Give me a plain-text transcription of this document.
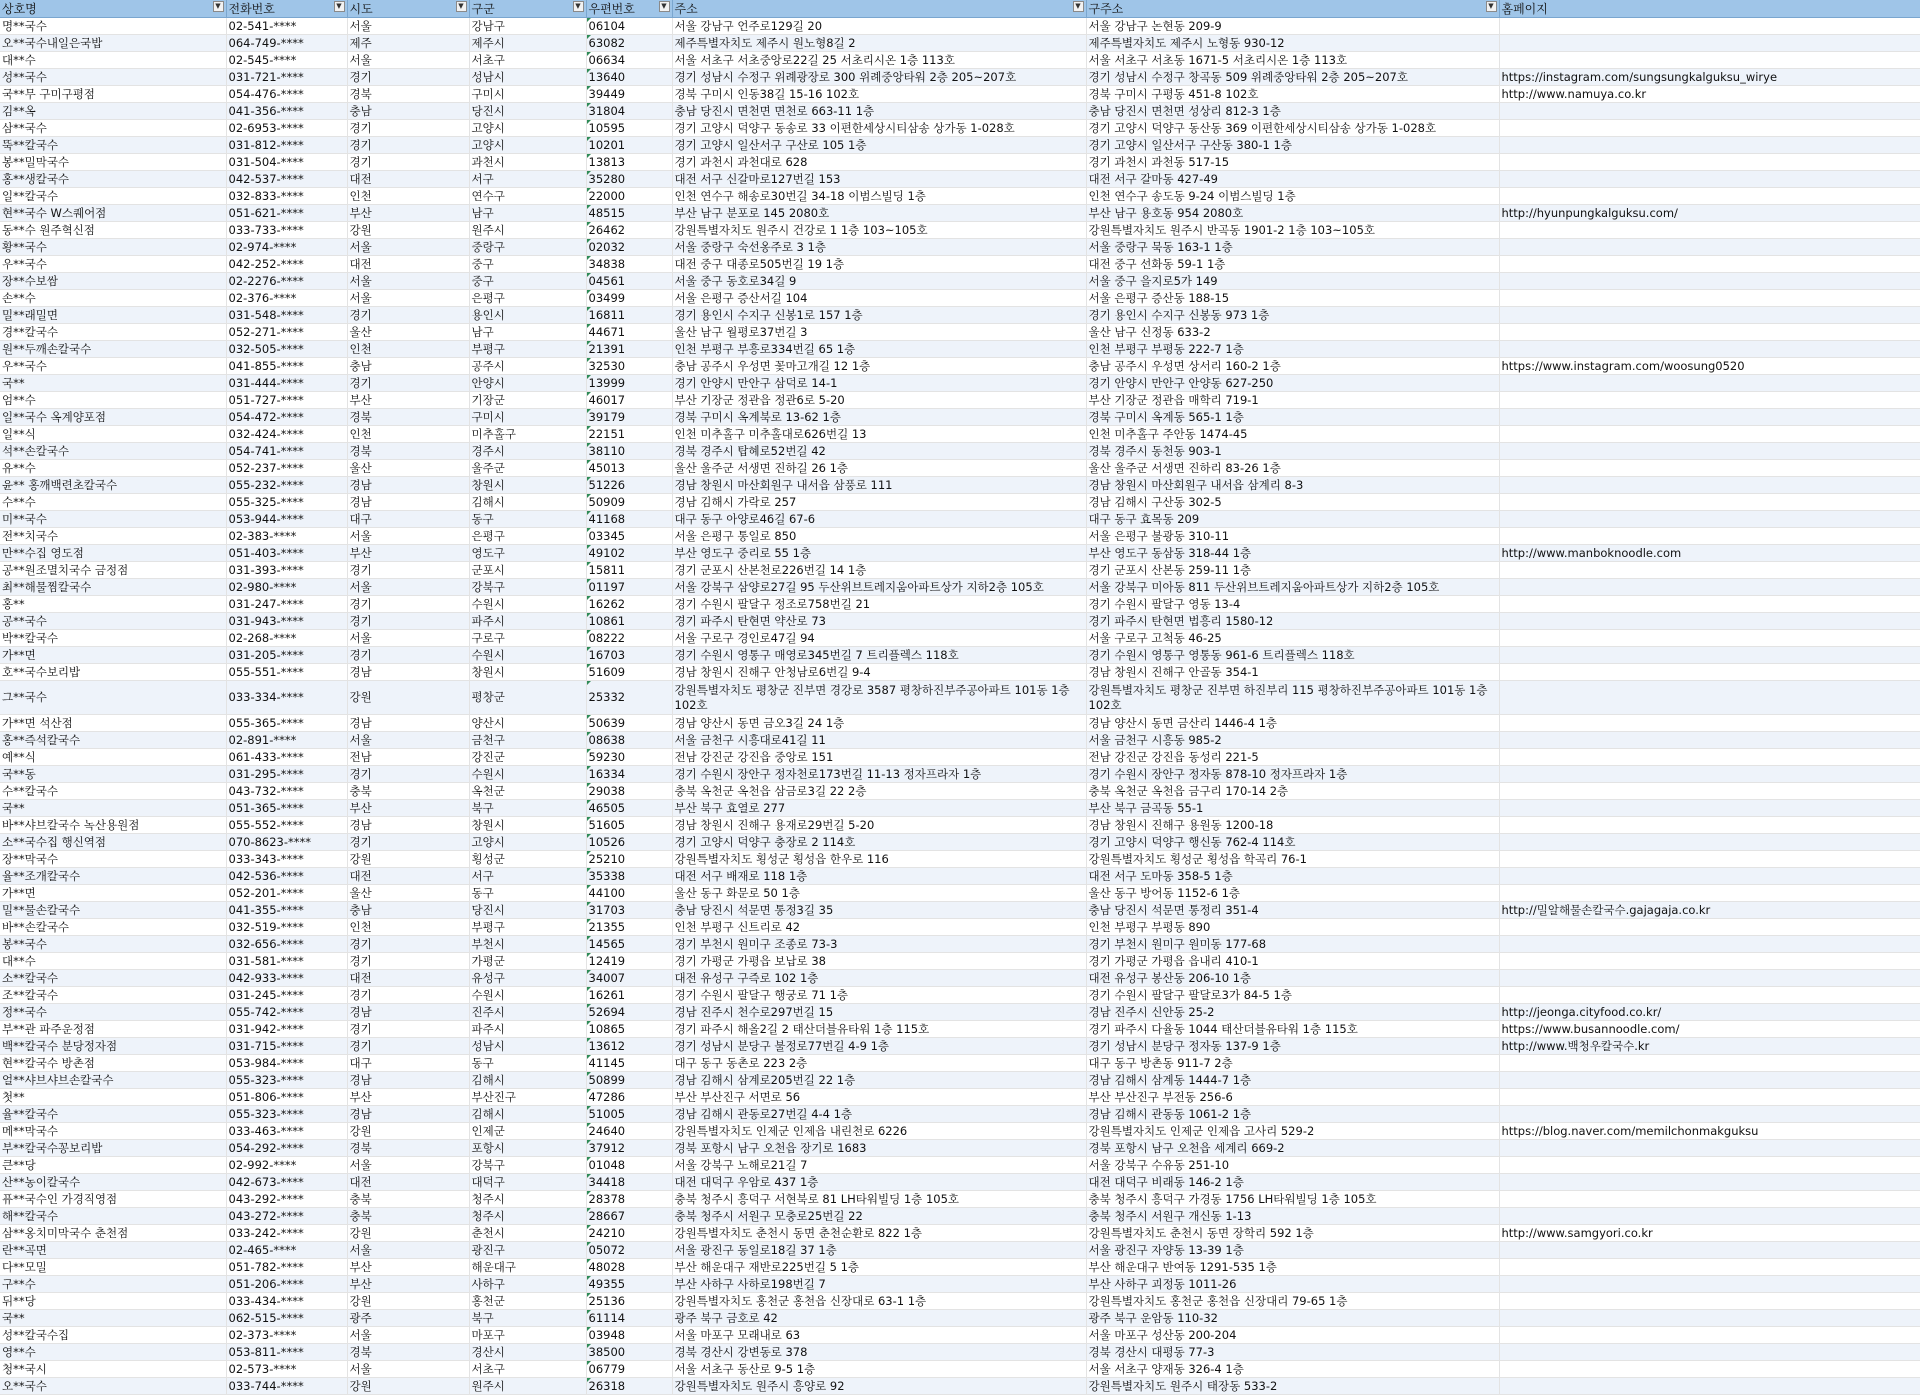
상호명 ▼	전화번호 ▼	시도 ▼	구군 ▼	우편번호 ▼	주소 ▼	구주소 ▼	홈페이지
명**국수	02-541-****	서울	강남구	06104	서울 강남구 언주로129길 20	서울 강남구 논현동 209-9	
오**국수내일은국밥	064-749-****	제주	제주시	63082	제주특별자치도 제주시 원노형8길 2	제주특별자치도 제주시 노형동 930-12	
대**수	02-545-****	서울	서초구	06634	서울 서초구 서초중앙로22길 25 서초리시온 1층 113호	서울 서초구 서초동 1671-5 서초리시온 1층 113호	
성**국수	031-721-****	경기	성남시	13640	경기 성남시 수정구 위례광장로 300 위례중앙타워 2층 205~207호	경기 성남시 수정구 창곡동 509 위례중앙타워 2층 205~207호	https://instagram.com/sungsungkalguksu_wirye
국**무 구미구평점	054-476-****	경북	구미시	39449	경북 구미시 인동38길 15-16 102호	경북 구미시 구평동 451-8 102호	http://www.namuya.co.kr
김**옥	041-356-****	충남	당진시	31804	충남 당진시 면천면 면천로 663-11 1층	충남 당진시 면천면 성상리 812-3 1층	
삼**국수	02-6953-****	경기	고양시	10595	경기 고양시 덕양구 동송로 33 이편한세상시티삼송 상가동 1-028호	경기 고양시 덕양구 동산동 369 이편한세상시티삼송 상가동 1-028호	
뚝**칼국수	031-812-****	경기	고양시	10201	경기 고양시 일산서구 구산로 105 1층	경기 고양시 일산서구 구산동 380-1 1층	
봉**밀막국수	031-504-****	경기	과천시	13813	경기 과천시 과천대로 628	경기 과천시 과천동 517-15	
홍**생칼국수	042-537-****	대전	서구	35280	대전 서구 신갈마로127번길 153	대전 서구 갈마동 427-49	
일**칼국수	032-833-****	인천	연수구	22000	인천 연수구 해송로30번길 34-18 이범스빌딩 1층	인천 연수구 송도동 9-24 이범스빌딩 1층	
현**국수 W스퀘어점	051-621-****	부산	남구	48515	부산 남구 분포로 145 2080호	부산 남구 용호동 954 2080호	http://hyunpungkalguksu.com/
동**수 원주혁신점	033-733-****	강원	원주시	26462	강원특별자치도 원주시 건강로 1 1층 103~105호	강원특별자치도 원주시 반곡동 1901-2 1층 103~105호	
황**국수	02-974-****	서울	중랑구	02032	서울 중랑구 숙선옹주로 3 1층	서울 중랑구 묵동 163-1 1층	
우**국수	042-252-****	대전	중구	34838	대전 중구 대종로505번길 19 1층	대전 중구 선화동 59-1 1층	
장**수보쌈	02-2276-****	서울	중구	04561	서울 중구 동호로34길 9	서울 중구 을지로5가 149	
손**수	02-376-****	서울	은평구	03499	서울 은평구 증산서길 104	서울 은평구 증산동 188-15	
밀**래밀면	031-548-****	경기	용인시	16811	경기 용인시 수지구 신봉1로 157 1층	경기 용인시 수지구 신봉동 973 1층	
경**칼국수	052-271-****	울산	남구	44671	울산 남구 월평로37번길 3	울산 남구 신정동 633-2	
원**두깨손칼국수	032-505-****	인천	부평구	21391	인천 부평구 부흥로334번길 65 1층	인천 부평구 부평동 222-7 1층	
우**국수	041-855-****	충남	공주시	32530	충남 공주시 우성면 꽃마고개길 12 1층	충남 공주시 우성면 상서리 160-2 1층	https://www.instagram.com/woosung0520
국**	031-444-****	경기	안양시	13999	경기 안양시 만안구 삼덕로 14-1	경기 안양시 만안구 안양동 627-250	
엄**수	051-727-****	부산	기장군	46017	부산 기장군 정관읍 정관6로 5-20	부산 기장군 정관읍 매학리 719-1	
일**국수 옥계양포점	054-472-****	경북	구미시	39179	경북 구미시 옥계북로 13-62 1층	경북 구미시 옥계동 565-1 1층	
일**식	032-424-****	인천	미추홀구	22151	인천 미추홀구 미추홀대로626번길 13	인천 미추홀구 주안동 1474-45	
석**손칼국수	054-741-****	경북	경주시	38110	경북 경주시 탑혜로52번길 42	경북 경주시 동천동 903-1	
유**수	052-237-****	울산	울주군	45013	울산 울주군 서생면 진하길 26 1층	울산 울주군 서생면 진하리 83-26 1층	
윤** 홍깨백련초칼국수	055-232-****	경남	창원시	51226	경남 창원시 마산회원구 내서읍 삼풍로 111	경남 창원시 마산회원구 내서읍 삼계리 8-3	
수**수	055-325-****	경남	김해시	50909	경남 김해시 가락로 257	경남 김해시 구산동 302-5	
미**국수	053-944-****	대구	동구	41168	대구 동구 아양로46길 67-6	대구 동구 효목동 209	
전**치국수	02-383-****	서울	은평구	03345	서울 은평구 통일로 850	서울 은평구 불광동 310-11	
만**수집 영도점	051-403-****	부산	영도구	49102	부산 영도구 중리로 55 1층	부산 영도구 동삼동 318-44 1층	http://www.manboknoodle.com
공**원조멸치국수 금정점	031-393-****	경기	군포시	15811	경기 군포시 산본천로226번길 14 1층	경기 군포시 산본동 259-11 1층	
최**해물찜칼국수	02-980-****	서울	강북구	01197	서울 강북구 삼양로27길 95 두산위브트레지움아파트상가 지하2층 105호	서울 강북구 미아동 811 두산위브트레지움아파트상가 지하2층 105호	
홍**	031-247-****	경기	수원시	16262	경기 수원시 팔달구 정조로758번길 21	경기 수원시 팔달구 영동 13-4	
공**국수	031-943-****	경기	파주시	10861	경기 파주시 탄현면 약산로 73	경기 파주시 탄현면 법흥리 1580-12	
박**칼국수	02-268-****	서울	구로구	08222	서울 구로구 경인로47길 94	서울 구로구 고척동 46-25	
가**면	031-205-****	경기	수원시	16703	경기 수원시 영통구 매영로345번길 7 트리플렉스 118호	경기 수원시 영통구 영통동 961-6 트리플렉스 118호	
호**국수보리밥	055-551-****	경남	창원시	51609	경남 창원시 진해구 안청남로6번길 9-4	경남 창원시 진해구 안골동 354-1	
그**국수	033-334-****	강원	평창군	25332	강원특별자치도 평창군 진부면 경강로 3587 평창하진부주공아파트 101동 1층 102호	강원특별자치도 평창군 진부면 하진부리 115 평창하진부주공아파트 101동 1층 102호	
가**면 석산점	055-365-****	경남	양산시	50639	경남 양산시 동면 금오3길 24 1층	경남 양산시 동면 금산리 1446-4 1층	
홍**즉석칼국수	02-891-****	서울	금천구	08638	서울 금천구 시흥대로41길 11	서울 금천구 시흥동 985-2	
예**식	061-433-****	전남	강진군	59230	전남 강진군 강진읍 중앙로 151	전남 강진군 강진읍 동성리 221-5	
국**동	031-295-****	경기	수원시	16334	경기 수원시 장안구 정자천로173번길 11-13 정자프라자 1층	경기 수원시 장안구 정자동 878-10 정자프라자 1층	
수**칼국수	043-732-****	충북	옥천군	29038	충북 옥천군 옥천읍 삼금로3길 22 2층	충북 옥천군 옥천읍 금구리 170-14 2층	
국**	051-365-****	부산	북구	46505	부산 북구 효열로 277	부산 북구 금곡동 55-1	
바**샤브칼국수 녹산용원점	055-552-****	경남	창원시	51605	경남 창원시 진해구 용재로29번길 5-20	경남 창원시 진해구 용원동 1200-18	
소**국수집 행신역점	070-8623-****	경기	고양시	10526	경기 고양시 덕양구 충장로 2 114호	경기 고양시 덕양구 행신동 762-4 114호	
장**막국수	033-343-****	강원	횡성군	25210	강원특별자치도 횡성군 횡성읍 한우로 116	강원특별자치도 횡성군 횡성읍 학곡리 76-1	
율**조개칼국수	042-536-****	대전	서구	35338	대전 서구 배재로 118 1층	대전 서구 도마동 358-5 1층	
가**면	052-201-****	울산	동구	44100	울산 동구 화문로 50 1층	울산 동구 방어동 1152-6 1층	
밀**물손칼국수	041-355-****	충남	당진시	31703	충남 당진시 석문면 통정3길 35	충남 당진시 석문면 통정리 351-4	http://밀알해물손칼국수.gajagaja.co.kr
바**손칼국수	032-519-****	인천	부평구	21355	인천 부평구 신트리로 42	인천 부평구 부평동 890	
봉**국수	032-656-****	경기	부천시	14565	경기 부천시 원미구 조종로 73-3	경기 부천시 원미구 원미동 177-68	
대**수	031-581-****	경기	가평군	12419	경기 가평군 가평읍 보납로 38	경기 가평군 가평읍 읍내리 410-1	
소**칼국수	042-933-****	대전	유성구	34007	대전 유성구 구즉로 102 1층	대전 유성구 봉산동 206-10 1층	
조**칼국수	031-245-****	경기	수원시	16261	경기 수원시 팔달구 행궁로 71 1층	경기 수원시 팔달구 팔달로3가 84-5 1층	
정**국수	055-742-****	경남	진주시	52694	경남 진주시 천수로297번길 15	경남 진주시 신안동 25-2	http://jeonga.cityfood.co.kr/
부**관 파주운정점	031-942-****	경기	파주시	10865	경기 파주시 해올2길 2 태산더블유타워 1층 115호	경기 파주시 다율동 1044 태산더블유타워 1층 115호	https://www.busannoodle.com/
백**칼국수 분당정자점	031-715-****	경기	성남시	13612	경기 성남시 분당구 불정로77번길 4-9 1층	경기 성남시 분당구 정자동 137-9 1층	http://www.백청우칼국수.kr
현**칼국수 방촌점	053-984-****	대구	동구	41145	대구 동구 동촌로 223 2층	대구 동구 방촌동 911-7 2층	
얼**샤브샤브손칼국수	055-323-****	경남	김해시	50899	경남 김해시 삼계로205번길 22 1층	경남 김해시 삼계동 1444-7 1층	
첫**	051-806-****	부산	부산진구	47286	부산 부산진구 서면로 56	부산 부산진구 부전동 256-6	
율**칼국수	055-323-****	경남	김해시	51005	경남 김해시 관동로27번길 4-4 1층	경남 김해시 관동동 1061-2 1층	
메**막국수	033-463-****	강원	인제군	24640	강원특별자치도 인제군 인제읍 내린천로 6226	강원특별자치도 인제군 인제읍 고사리 529-2	https://blog.naver.com/memilchonmakguksu
부**칼국수꽁보리밥	054-292-****	경북	포항시	37912	경북 포항시 남구 오천읍 장기로 1683	경북 포항시 남구 오천읍 세계리 669-2	
큰**당	02-992-****	서울	강북구	01048	서울 강북구 노해로21길 7	서울 강북구 수유동 251-10	
산**농이칼국수	042-673-****	대전	대덕구	34418	대전 대덕구 우암로 437 1층	대전 대덕구 비래동 146-2 1층	
퓨**국수인 가경직영점	043-292-****	충북	청주시	28378	충북 청주시 흥덕구 서현북로 81 LH타워빌딩 1층 105호	충북 청주시 흥덕구 가경동 1756 LH타워빌딩 1층 105호	
해**칼국수	043-272-****	충북	청주시	28667	충북 청주시 서원구 모충로25번길 22	충북 청주시 서원구 개신동 1-13	
삼**옹치미막국수 춘천점	033-242-****	강원	춘천시	24210	강원특별자치도 춘천시 동면 춘천순환로 822 1층	강원특별자치도 춘천시 동면 장학리 592 1층	http://www.samgyori.co.kr
란**곡면	02-465-****	서울	광진구	05072	서울 광진구 동일로18길 37 1층	서울 광진구 자양동 13-39 1층	
다**모밀	051-782-****	부산	해운대구	48028	부산 해운대구 재반로225번길 5 1층	부산 해운대구 반여동 1291-535 1층	
구**수	051-206-****	부산	사하구	49355	부산 사하구 사하로198번길 7	부산 사하구 괴정동 1011-26	
뒤**당	033-434-****	강원	홍천군	25136	강원특별자치도 홍천군 홍천읍 신장대로 63-1 1층	강원특별자치도 홍천군 홍천읍 신장대리 79-65 1층	
국**	062-515-****	광주	북구	61114	광주 북구 금호로 42	광주 북구 운암동 110-32	
성**칼국수집	02-373-****	서울	마포구	03948	서울 마포구 모래내로 63	서울 마포구 성산동 200-204	
영**수	053-811-****	경북	경산시	38500	경북 경산시 강변동로 378	경북 경산시 대평동 77-3	
청**국시	02-573-****	서울	서초구	06779	서울 서초구 동산로 9-5 1층	서울 서초구 양재동 326-4 1층	
오**국수	033-744-****	강원	원주시	26318	강원특별자치도 원주시 흥양로 92	강원특별자치도 원주시 태장동 533-2	
